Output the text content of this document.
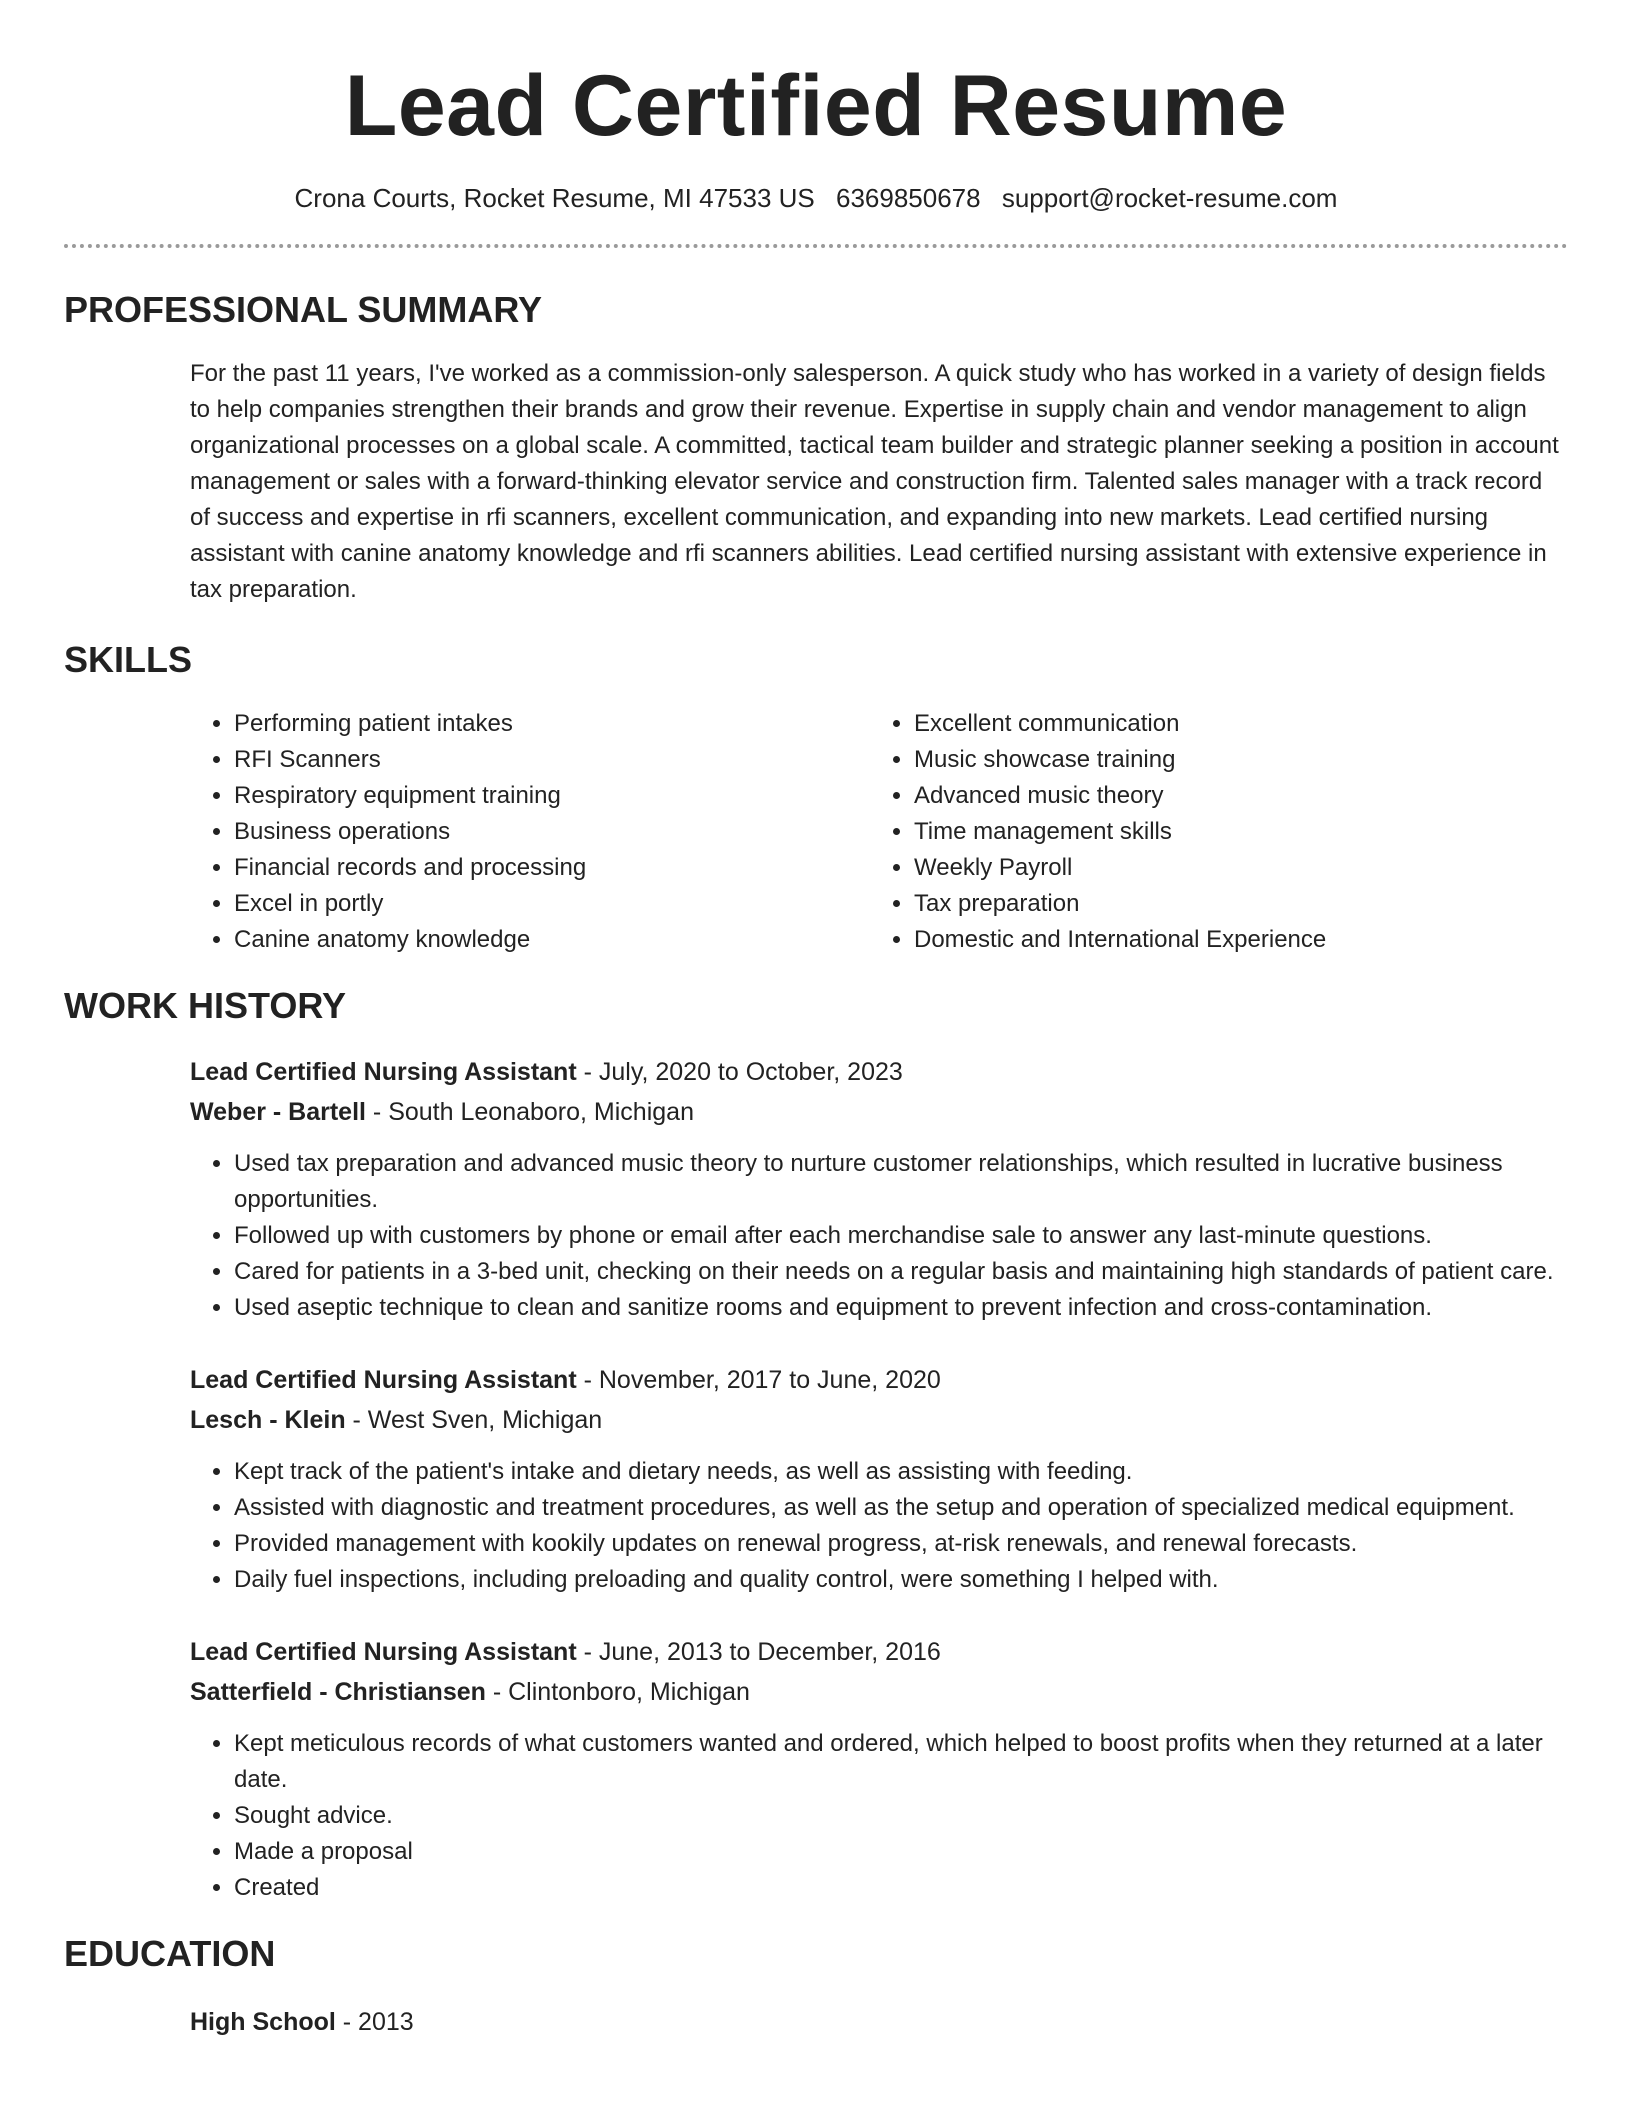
Lead Certified Resume
Crona Courts, Rocket Resume, MI 47533 US 6369850678 support@rocket-resume.com
PROFESSIONAL SUMMARY

For the past 11 years, I've worked as a commission-only salesperson. A quick study who has worked in a variety of design fields to help companies strengthen their brands and grow their revenue. Expertise in supply chain and vendor management to align organizational processes on a global scale. A committed, tactical team builder and strategic planner seeking a position in account management or sales with a forward-thinking elevator service and construction firm. Talented sales manager with a track record of success and expertise in rfi scanners, excellent communication, and expanding into new markets. Lead certified nursing assistant with canine anatomy knowledge and rfi scanners abilities. Lead certified nursing assistant with extensive experience in tax preparation.

SKILLS
• Performing patient intakes
• RFI Scanners
• Respiratory equipment training
• Business operations
• Financial records and processing
• Excel in portly
• Canine anatomy knowledge
• Excellent communication
• Music showcase training
• Advanced music theory
• Time management skills
• Weekly Payroll
• Tax preparation
• Domestic and International Experience
WORK HISTORY
Lead Certified Nursing Assistant - July, 2020 to October, 2023
Weber - Bartell - South Leonaboro, Michigan
• Used tax preparation and advanced music theory to nurture customer relationships, which resulted in lucrative business opportunities.
• Followed up with customers by phone or email after each merchandise sale to answer any last-minute questions.
• Cared for patients in a 3-bed unit, checking on their needs on a regular basis and maintaining high standards of patient care.
• Used aseptic technique to clean and sanitize rooms and equipment to prevent infection and cross-contamination.
Lead Certified Nursing Assistant - November, 2017 to June, 2020
Lesch - Klein - West Sven, Michigan
• Kept track of the patient's intake and dietary needs, as well as assisting with feeding.
• Assisted with diagnostic and treatment procedures, as well as the setup and operation of specialized medical equipment.
• Provided management with kookily updates on renewal progress, at-risk renewals, and renewal forecasts.
• Daily fuel inspections, including preloading and quality control, were something I helped with.
Lead Certified Nursing Assistant - June, 2013 to December, 2016
Satterfield - Christiansen - Clintonboro, Michigan
• Kept meticulous records of what customers wanted and ordered, which helped to boost profits when they returned at a later date.
• Sought advice.
• Made a proposal
• Created
EDUCATION
High School - 2013
